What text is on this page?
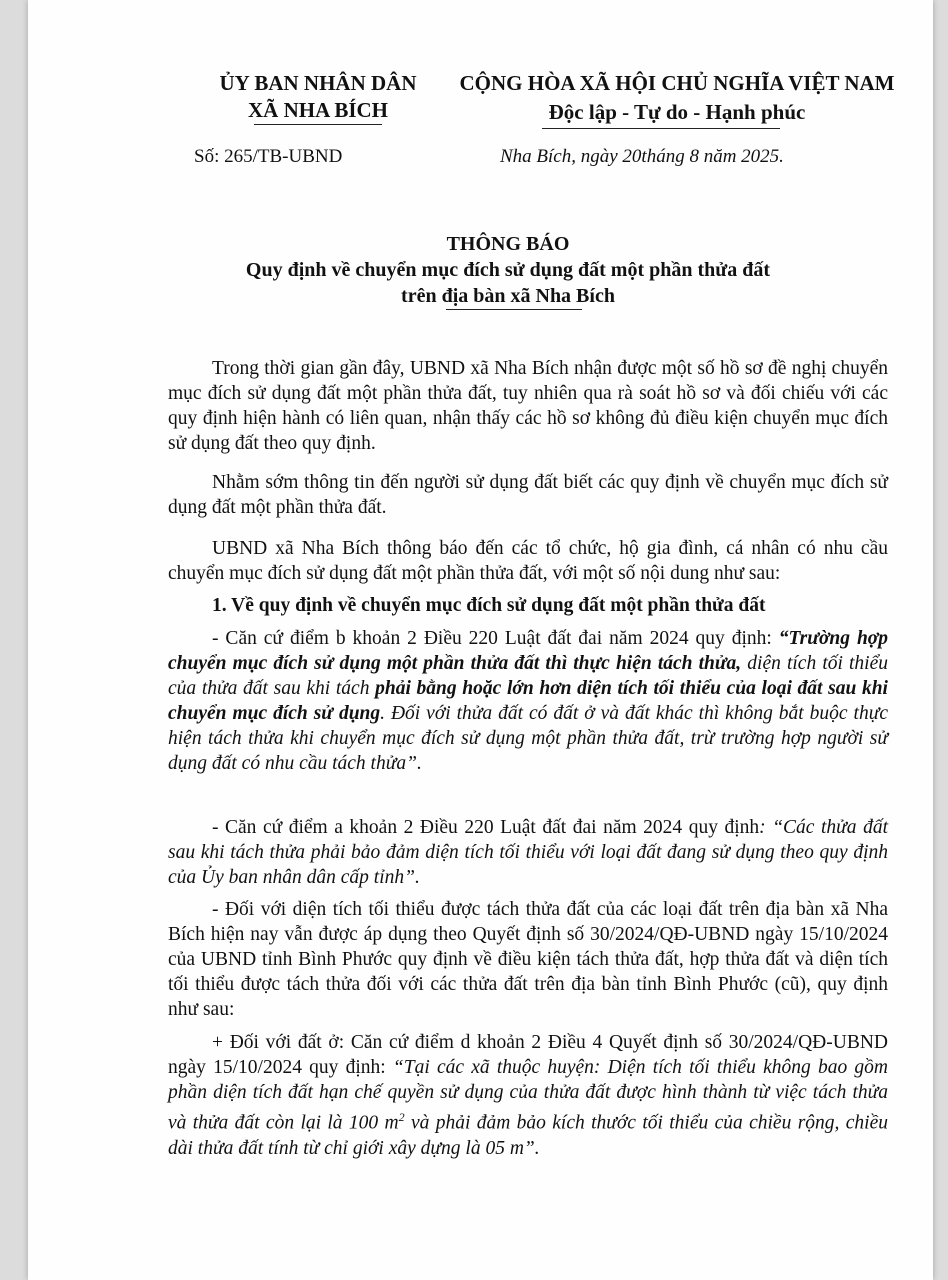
ỦY BAN NHÂN DÂN
XÃ NHA BÍCH
CỘNG HÒA XÃ HỘI CHỦ NGHĨA VIỆT NAM
Độc lập - Tự do - Hạnh phúc
Số: 265/TB-UBND	Nha Bích, ngày 20tháng 8 năm 2025.
THÔNG BÁO
Quy định về chuyển mục đích sử dụng đất một phần thửa đất
trên địa bàn xã Nha Bích

Trong thời gian gần đây, UBND xã Nha Bích nhận được một số hồ sơ đề nghị chuyển mục đích sử dụng đất một phần thửa đất, tuy nhiên qua rà soát hồ sơ và đối chiếu với các quy định hiện hành có liên quan, nhận thấy các hồ sơ không đủ điều kiện chuyển mục đích sử dụng đất theo quy định.

Nhằm sớm thông tin đến người sử dụng đất biết các quy định về chuyển mục đích sử dụng đất một phần thửa đất.

UBND xã Nha Bích thông báo đến các tổ chức, hộ gia đình, cá nhân có nhu cầu chuyển mục đích sử dụng đất một phần thửa đất, với một số nội dung như sau:

1. Về quy định về chuyển mục đích sử dụng đất một phần thửa đất

- Căn cứ điểm b khoản 2 Điều 220 Luật đất đai năm 2024 quy định: “Trường hợp chuyển mục đích sử dụng một phần thửa đất thì thực hiện tách thửa, diện tích tối thiểu của thửa đất sau khi tách phải bằng hoặc lớn hơn diện tích tối thiểu của loại đất sau khi chuyển mục đích sử dụng. Đối với thửa đất có đất ở và đất khác thì không bắt buộc thực hiện tách thửa khi chuyển mục đích sử dụng một phần thửa đất, trừ trường hợp người sử dụng đất có nhu cầu tách thửa”.

- Căn cứ điểm a khoản 2 Điều 220 Luật đất đai năm 2024 quy định: “Các thửa đất sau khi tách thửa phải bảo đảm diện tích tối thiểu với loại đất đang sử dụng theo quy định của Ủy ban nhân dân cấp tỉnh”.

- Đối với diện tích tối thiểu được tách thửa đất của các loại đất trên địa bàn xã Nha Bích hiện nay vẫn được áp dụng theo Quyết định số 30/2024/QĐ-UBND ngày 15/10/2024 của UBND tỉnh Bình Phước quy định về điều kiện tách thửa đất, hợp thửa đất và diện tích tối thiểu được tách thửa đối với các thửa đất trên địa bàn tỉnh Bình Phước (cũ), quy định như sau:

+ Đối với đất ở: Căn cứ điểm d khoản 2 Điều 4 Quyết định số 30/2024/QĐ-UBND ngày 15/10/2024 quy định: “Tại các xã thuộc huyện: Diện tích tối thiểu không bao gồm phần diện tích đất hạn chế quyền sử dụng của thửa đất được hình thành từ việc tách thửa và thửa đất còn lại là 100 $m^2$ và phải đảm bảo kích thước tối thiểu của chiều rộng, chiều dài thửa đất tính từ chỉ giới xây dựng là 05 m”.
